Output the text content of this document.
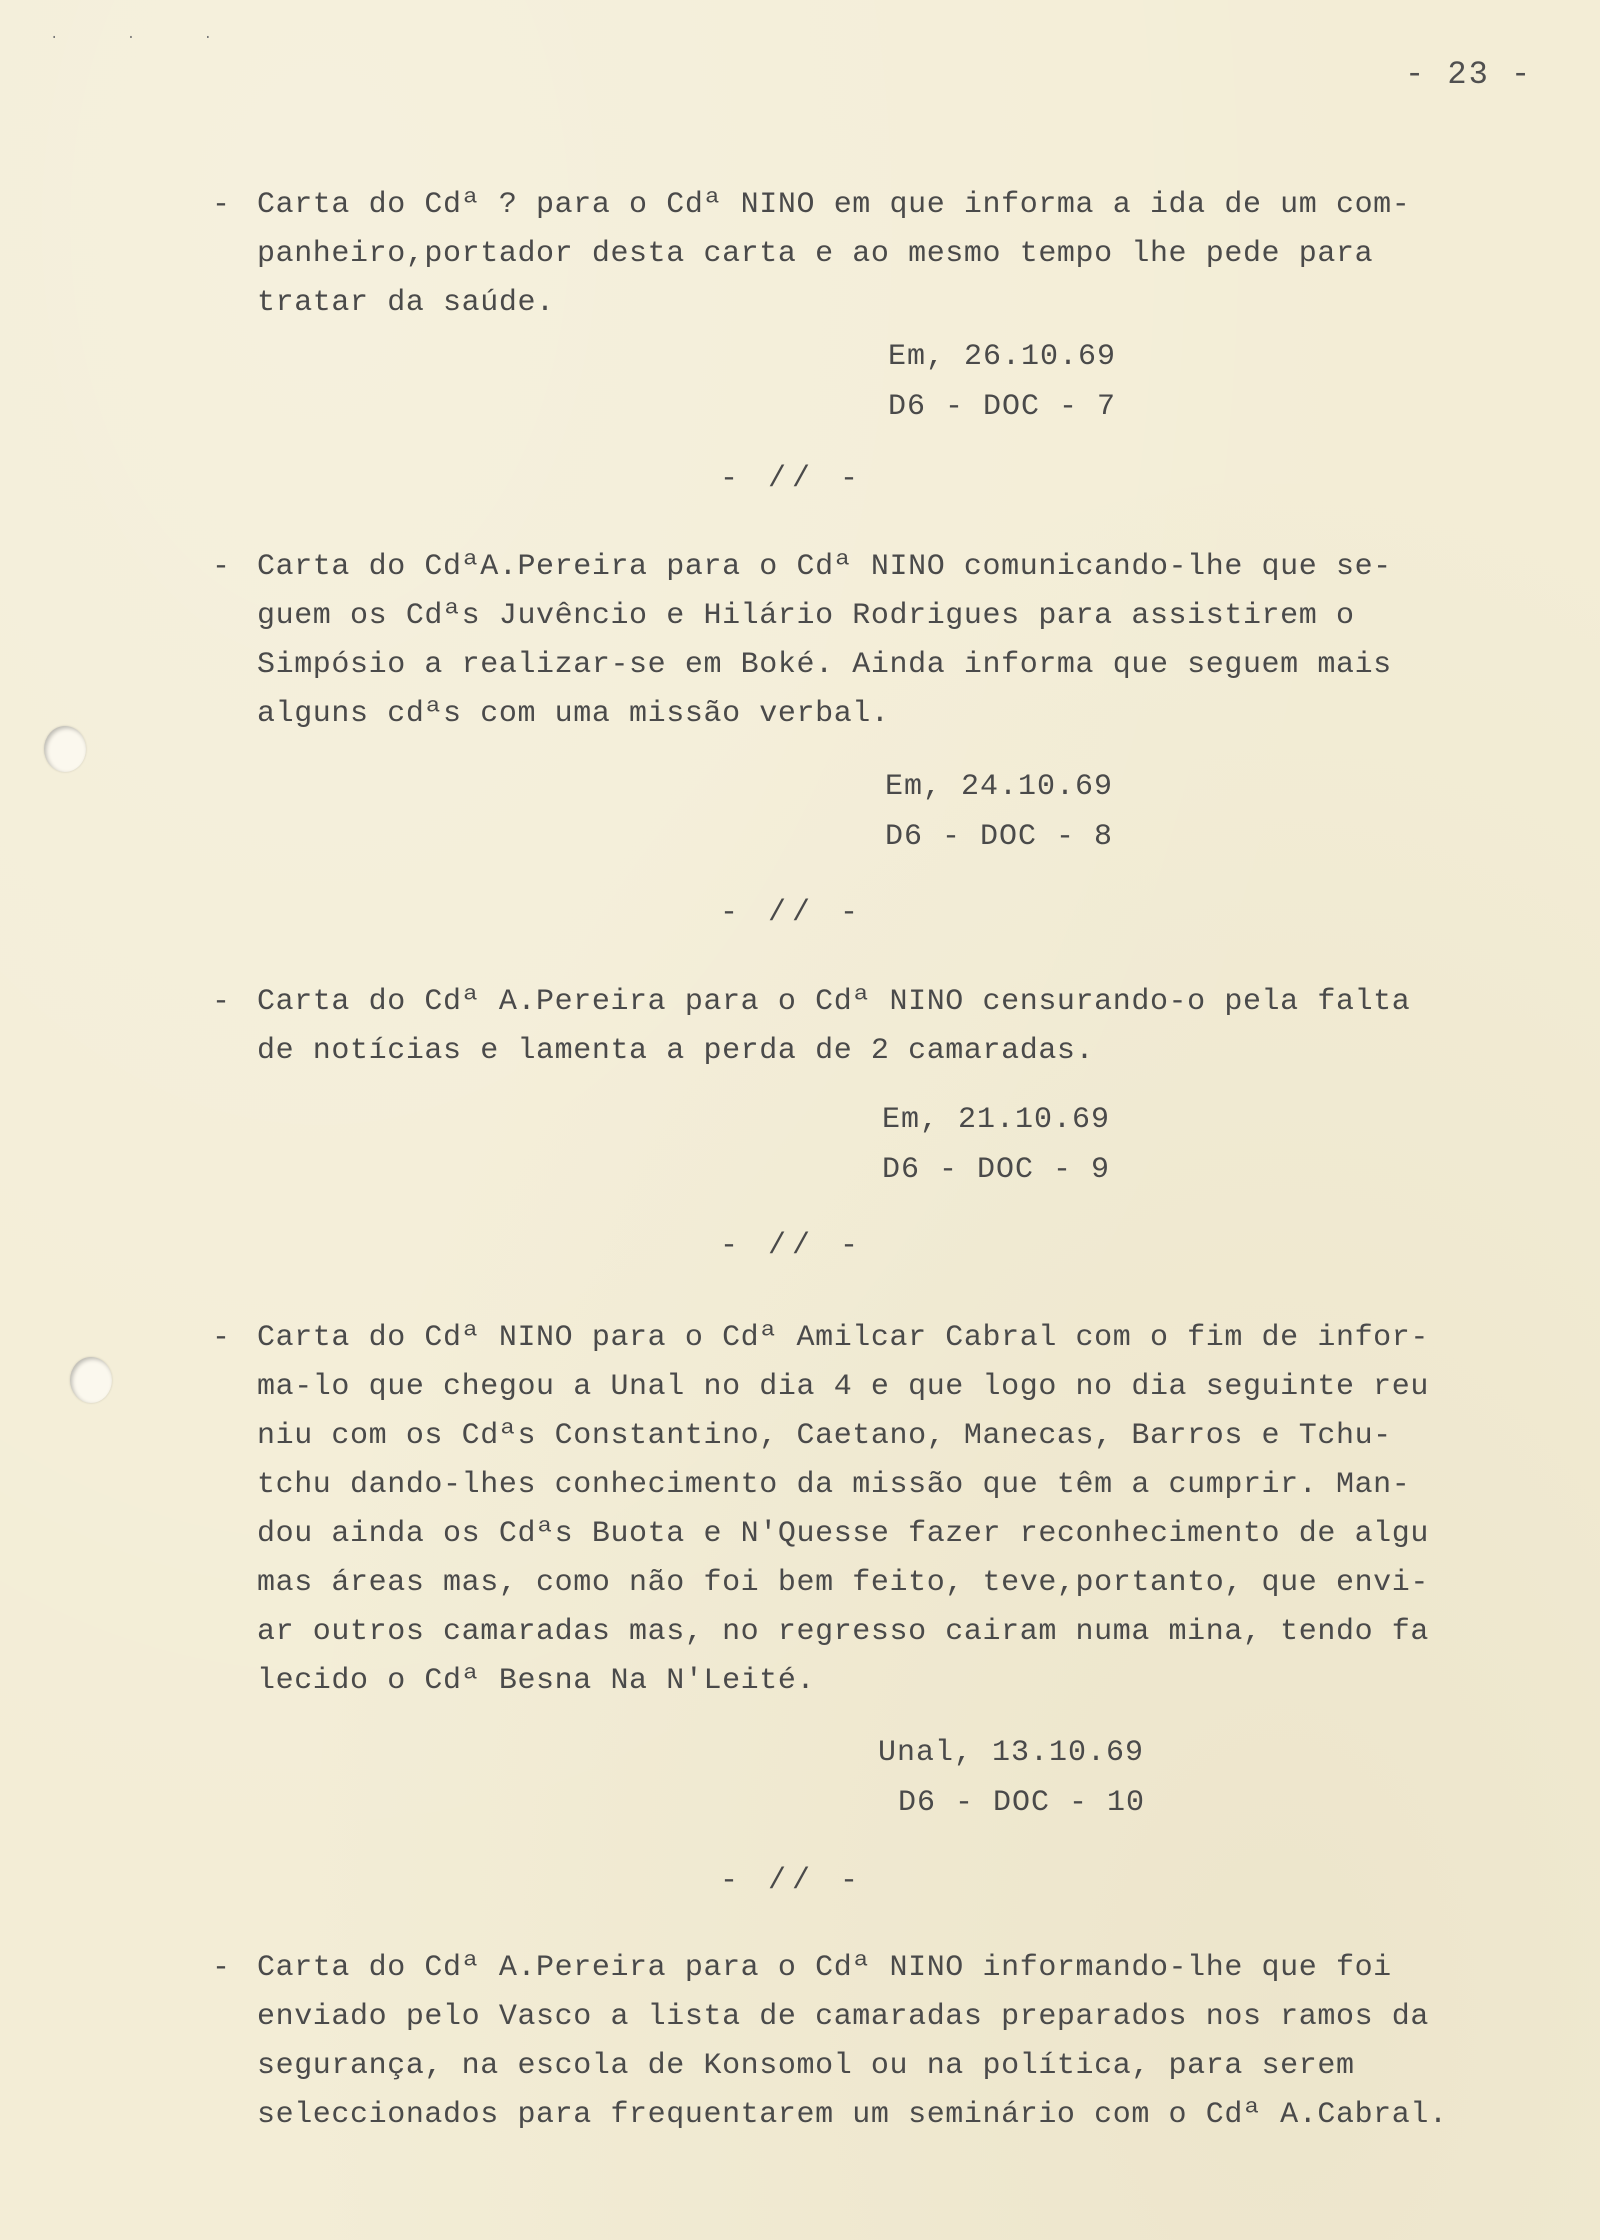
· · ·
- 23 -
- Carta do Cdª ? para o Cdª NINO em que informa a ida de um com-
panheiro,portador desta carta e ao mesmo tempo lhe pede para
tratar da saúde.
Em, 26.10.69
D6 - DOC - 7
- // -
- Carta do CdªA.Pereira para o Cdª NINO comunicando-lhe que se-
guem os Cdªs Juvêncio e Hilário Rodrigues para assistirem o
Simpósio a realizar-se em Boké. Ainda informa que seguem mais
alguns cdªs com uma missão verbal.
Em, 24.10.69
D6 - DOC - 8
- // -
- Carta do Cdª A.Pereira para o Cdª NINO censurando-o pela falta
de notícias e lamenta a perda de 2 camaradas.
Em, 21.10.69
D6 - DOC - 9
- // -
- Carta do Cdª NINO para o Cdª Amilcar Cabral com o fim de infor-
ma-lo que chegou a Unal no dia 4 e que logo no dia seguinte reu
niu com os Cdªs Constantino, Caetano, Manecas, Barros e Tchu-
tchu dando-lhes conhecimento da missão que têm a cumprir. Man-
dou ainda os Cdªs Buota e N'Quesse fazer reconhecimento de algu
mas áreas mas, como não foi bem feito, teve,portanto, que envi-
ar outros camaradas mas, no regresso cairam numa mina, tendo fa
lecido o Cdª Besna Na N'Leité.
Unal, 13.10.69
D6 - DOC - 10
- // -
- Carta do Cdª A.Pereira para o Cdª NINO informando-lhe que foi
enviado pelo Vasco a lista de camaradas preparados nos ramos da
segurança, na escola de Konsomol ou na política, para serem
seleccionados para frequentarem um seminário com o Cdª A.Cabral.
